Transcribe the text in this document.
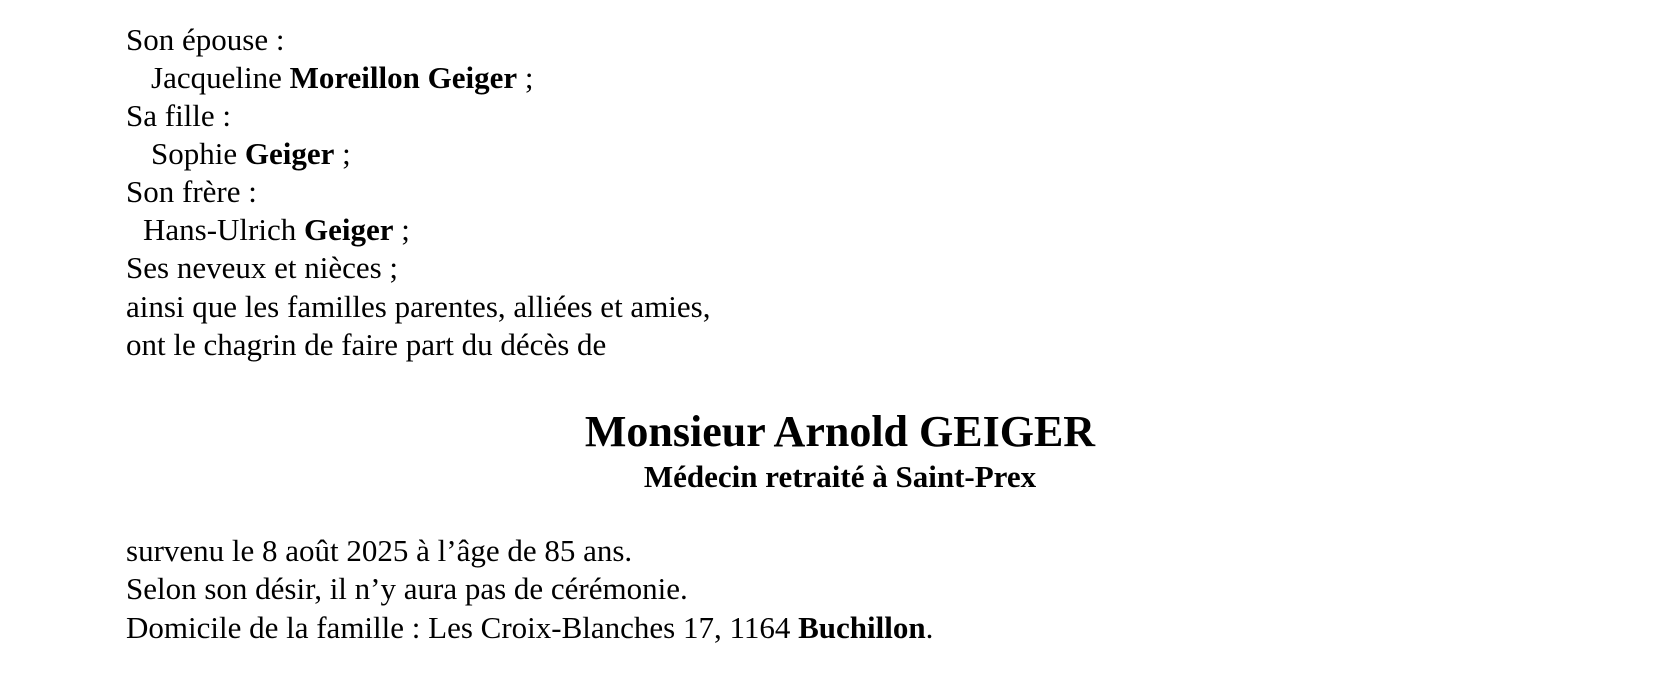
Son épouse :
Jacqueline Moreillon Geiger ;
Sa fille :
Sophie Geiger ;
Son frère :
Hans-Ulrich Geiger ;
Ses neveux et nièces ;
ainsi que les familles parentes, alliées et amies,
ont le chagrin de faire part du décès de
Monsieur Arnold GEIGER
Médecin retraité à Saint-Prex
survenu le 8 août 2025 à l’âge de 85 ans.
Selon son désir, il n’y aura pas de cérémonie.
Domicile de la famille : Les Croix-Blanches 17, 1164 Buchillon.
